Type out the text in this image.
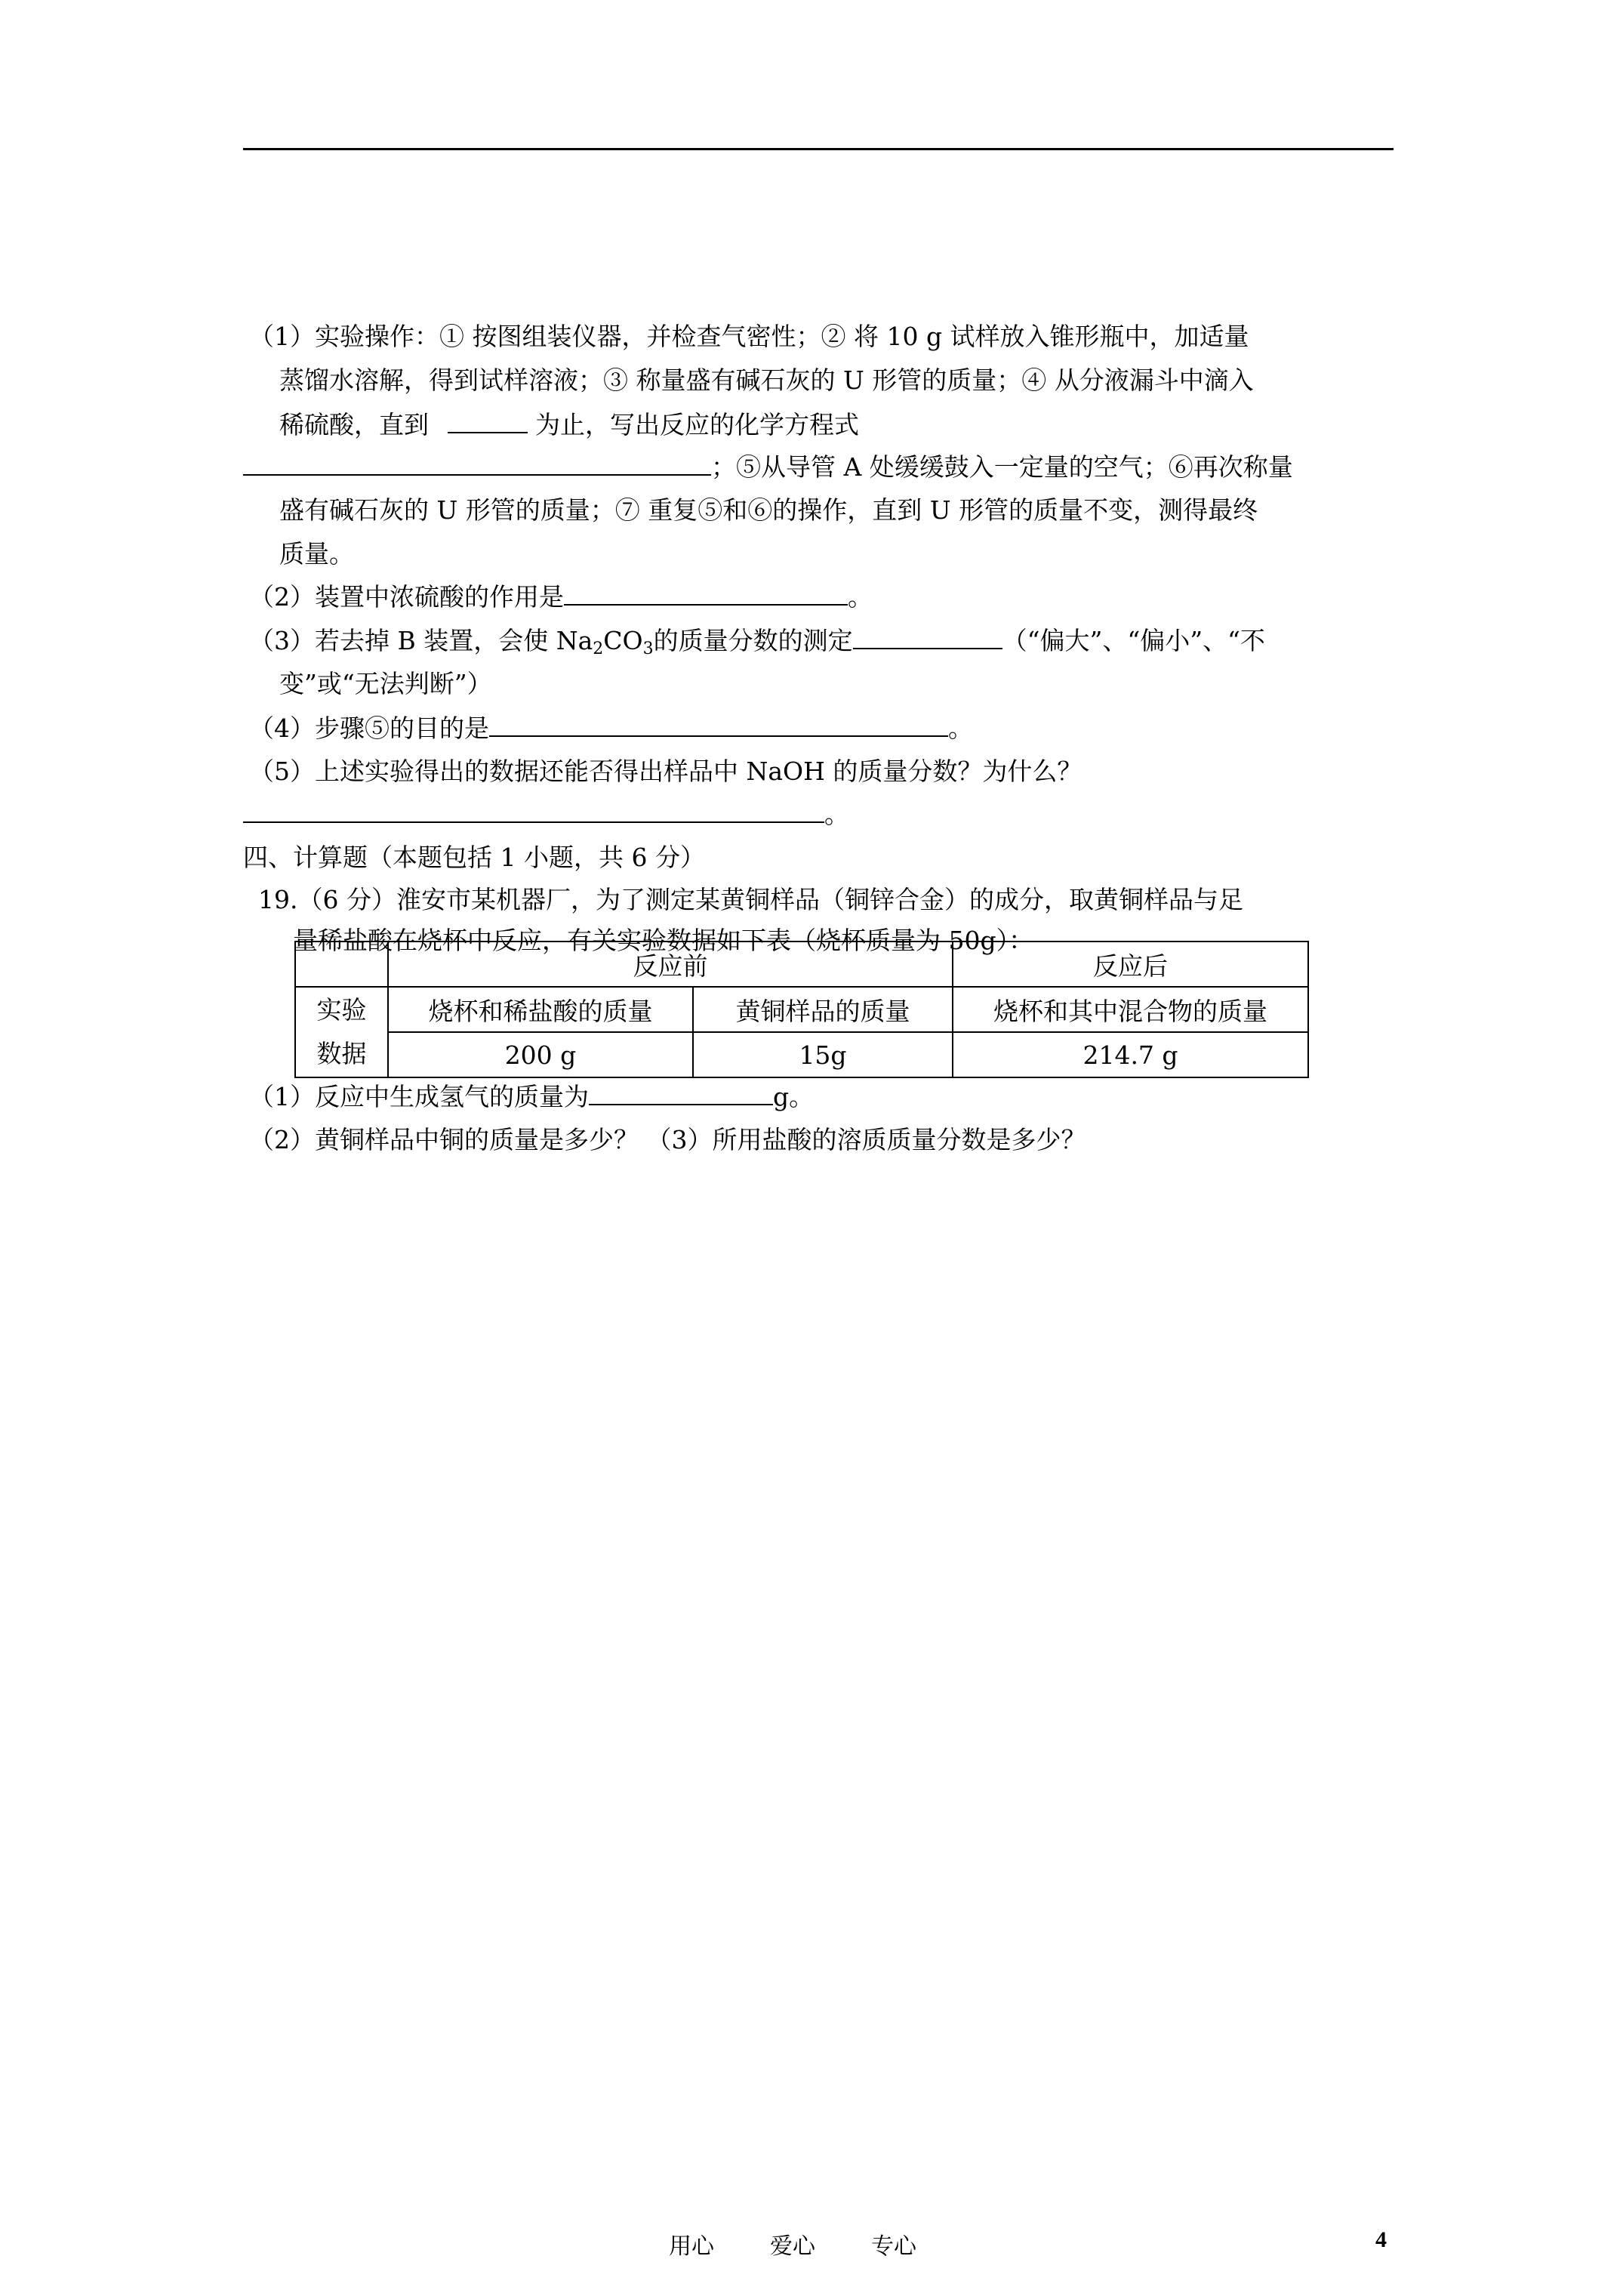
（1）实验操作：① 按图组装仪器，并检查气密性；② 将 10 g 试样放入锥形瓶中，加适量
蒸馏水溶解，得到试样溶液；③ 称量盛有碱石灰的 U 形管的质量；④ 从分液漏斗中滴入
稀硫酸，直到	为止，写出反应的化学方程式
；⑤从导管 A 处缓缓鼓入一定量的空气；⑥再次称量
盛有碱石灰的 U 形管的质量；⑦ 重复⑤和⑥的操作，直到 U 形管的质量不变，测得最终
质量。
（2）装置中浓硫酸的作用是	。
（3）若去掉 B 装置，会使 $Na_2CO_3$的质量分数的测定	（“偏大”、“偏小”、“不
变”或“无法判断”）
（4）步骤⑤的目的是	。
（5）上述实验得出的数据还能否得出样品中 NaOH 的质量分数？为什么？
。
四、计算题（本题包括 1 小题，共 6 分）
19.（6 分）淮安市某机器厂，为了测定某黄铜样品（铜锌合金）的成分，取黄铜样品与足
量稀盐酸在烧杯中反应，有关实验数据如下表（烧杯质量为 50g）：
	反应前		反应后
实验
数据	烧杯和稀盐酸的质量	黄铜样品的质量	烧杯和其中混合物的质量
	200 g	15g	214.7 g
（1）反应中生成氢气的质量为	g。
（2）黄铜样品中铜的质量是多少？ （3）所用盐酸的溶质质量分数是多少？
用心 爱心 专心	4
